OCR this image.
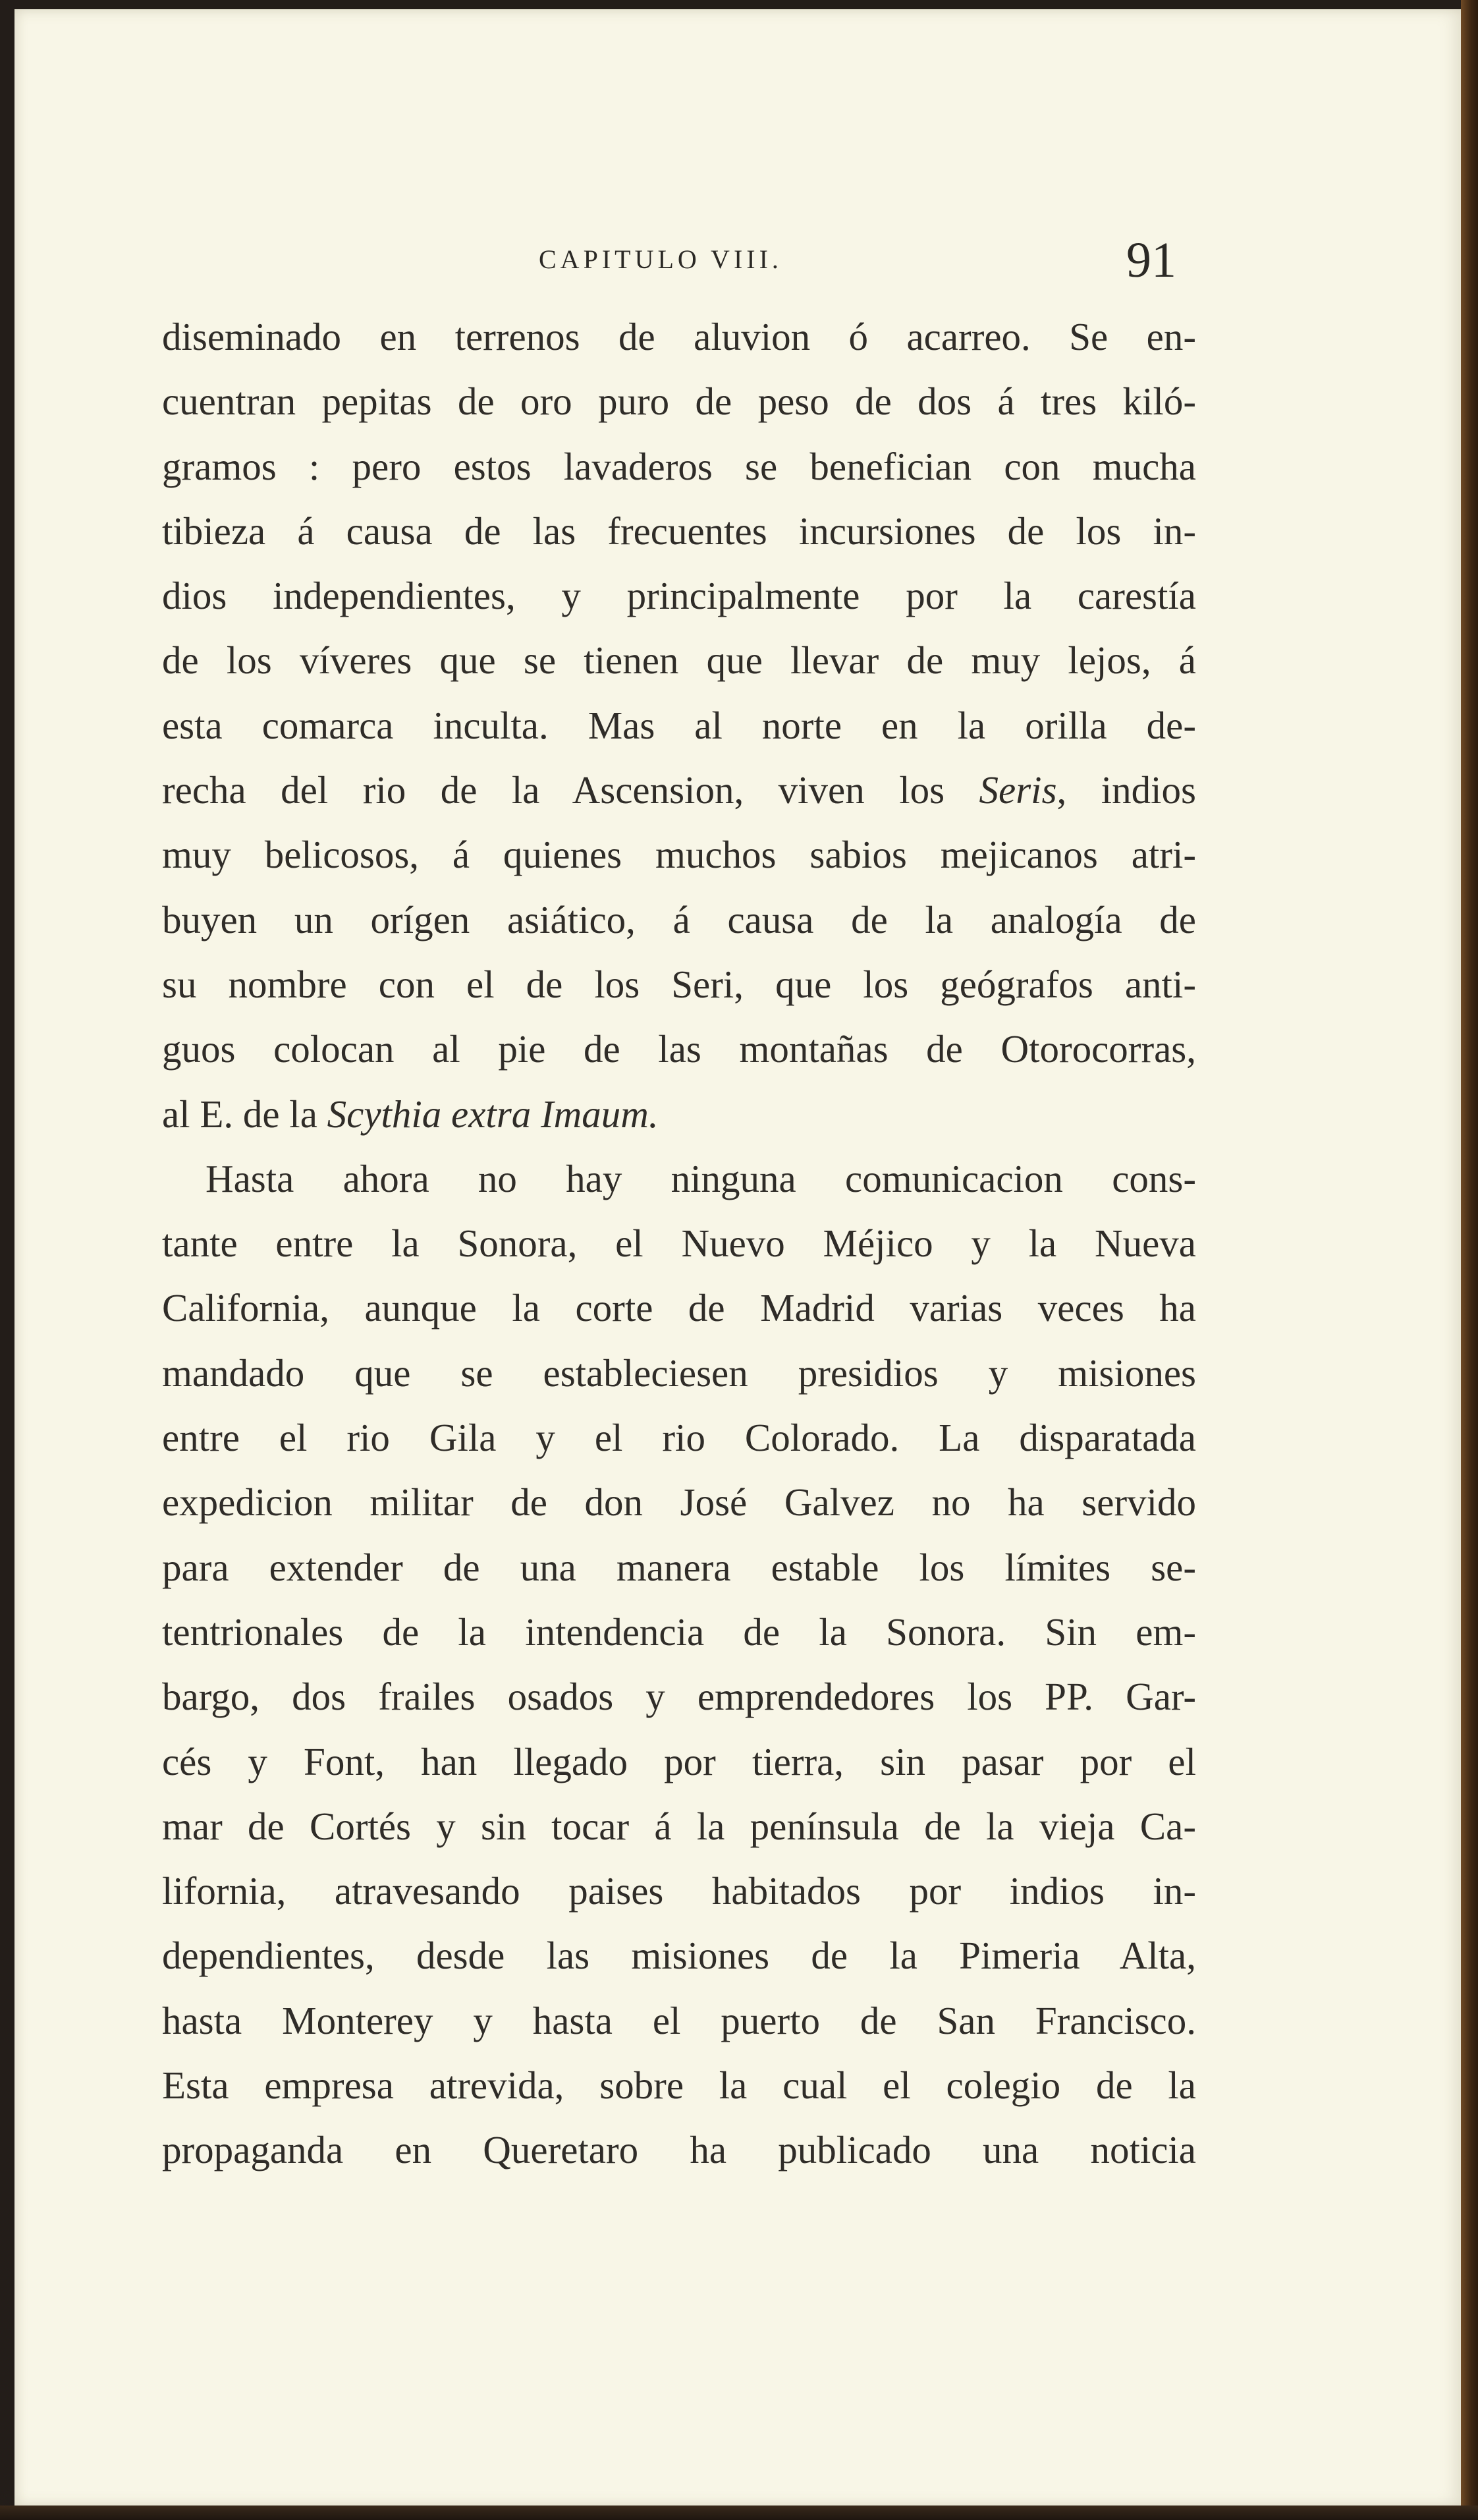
CAPITULO VIII.	91
diseminado en terrenos de aluvion ó acarreo. Se en-
cuentran pepitas de oro puro de peso de dos á tres kiló-
gramos : pero estos lavaderos se benefician con mucha
tibieza á causa de las frecuentes incursiones de los in-
dios independientes, y principalmente por la carestía
de los víveres que se tienen que llevar de muy lejos, á
esta comarca inculta. Mas al norte en la orilla de-
recha del rio de la Ascension, viven los Seris, indios
muy belicosos, á quienes muchos sabios mejicanos atri-
buyen un orígen asiático, á causa de la analogía de
su nombre con el de los Seri, que los geógrafos anti-
guos colocan al pie de las montañas de Otorocorras,
al E. de la Scythia extra Imaum.
Hasta ahora no hay ninguna comunicacion cons-
tante entre la Sonora, el Nuevo Méjico y la Nueva
California, aunque la corte de Madrid varias veces ha
mandado que se estableciesen presidios y misiones
entre el rio Gila y el rio Colorado. La disparatada
expedicion militar de don José Galvez no ha servido
para extender de una manera estable los límites se-
tentrionales de la intendencia de la Sonora. Sin em-
bargo, dos frailes osados y emprendedores los PP. Gar-
cés y Font, han llegado por tierra, sin pasar por el
mar de Cortés y sin tocar á la península de la vieja Ca-
lifornia, atravesando paises habitados por indios in-
dependientes, desde las misiones de la Pimeria Alta,
hasta Monterey y hasta el puerto de San Francisco.
Esta empresa atrevida, sobre la cual el colegio de la
propaganda en Queretaro ha publicado una noticia
